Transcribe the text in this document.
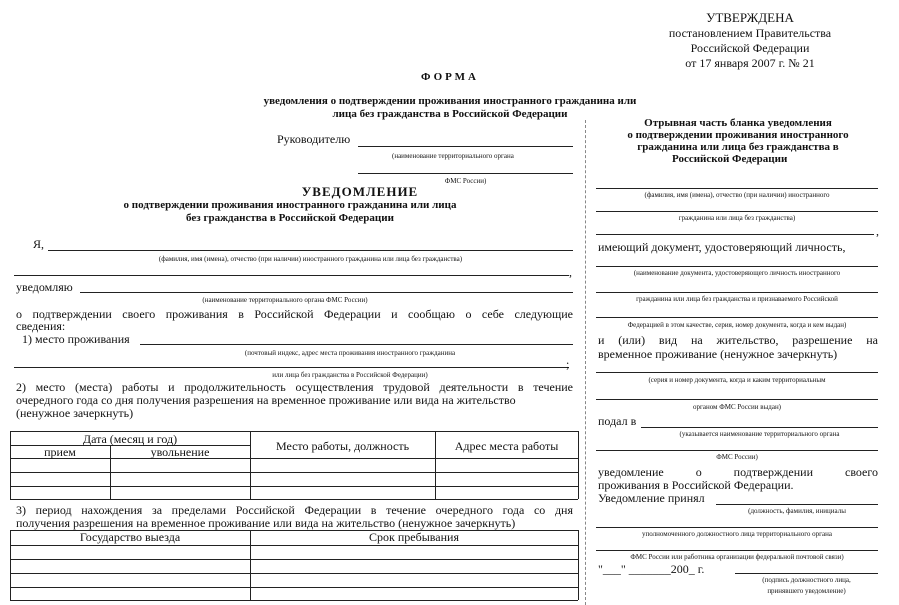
УТВЕРЖДЕНА
постановлением Правительства
Российской Федерации
от 17 января 2007 г. № 21
ФОРМА
уведомления о подтверждении проживания иностранного гражданина или
лица без гражданства в Российской Федерации
Руководителю
(наименование территориального органа
ФМС России)
УВЕДОМЛЕНИЕ
о подтверждении проживания иностранного гражданина или лица
без гражданства в Российской Федерации
Я,
(фамилия, имя (имена), отчество (при наличии) иностранного гражданина или лица без гражданства)
,
уведомляю
(наименование территориального органа ФМС России)
о подтверждении своего проживания в Российской Федерации и сообщаю о себе следующие
сведения:
1) место проживания
(почтовый индекс, адрес места проживания иностранного гражданина
;
или лица без гражданства в Российской Федерации)
2) место (места) работы и продолжительность осуществления трудовой деятельности в течение
очередного года со дня получения разрешения на временное проживание или вида на жительство
(ненужное зачеркнуть)
Дата (месяц и год)
прием	увольнение	Место работы, должность	Адрес места работы
3) период нахождения за пределами Российской Федерации в течение очередного года со дня
получения разрешения на временное проживание или вида на жительство (ненужное зачеркнуть)
Государство выезда	Срок пребывания
Отрывная часть бланка уведомления
о подтверждении проживания иностранного
гражданина или лица без гражданства в
Российской Федерации
(фамилия, имя (имена), отчество (при наличии) иностранного
гражданина или лица без гражданства)
,
имеющий документ, удостоверяющий личность,
(наименование документа, удостоверяющего личность иностранного
гражданина или лица без гражданства и признаваемого Российской
Федерацией в этом качестве, серия, номер документа, когда и кем выдан)
и (или) вид на жительство, разрешение на
временное проживание (ненужное зачеркнуть)
(серия и номер документа, когда и каким территориальным
органом ФМС России выдан)
подал в
(указывается наименование территориального органа
ФМС России)
уведомление о подтверждении своего
проживания в Российской Федерации.
Уведомление принял
(должность, фамилия, инициалы
уполномоченного должностного лица территориального органа
ФМС России или работника организации федеральной почтовой связи)
"___" _______200_ г.
(подпись должностного лица,
принявшего уведомление)
